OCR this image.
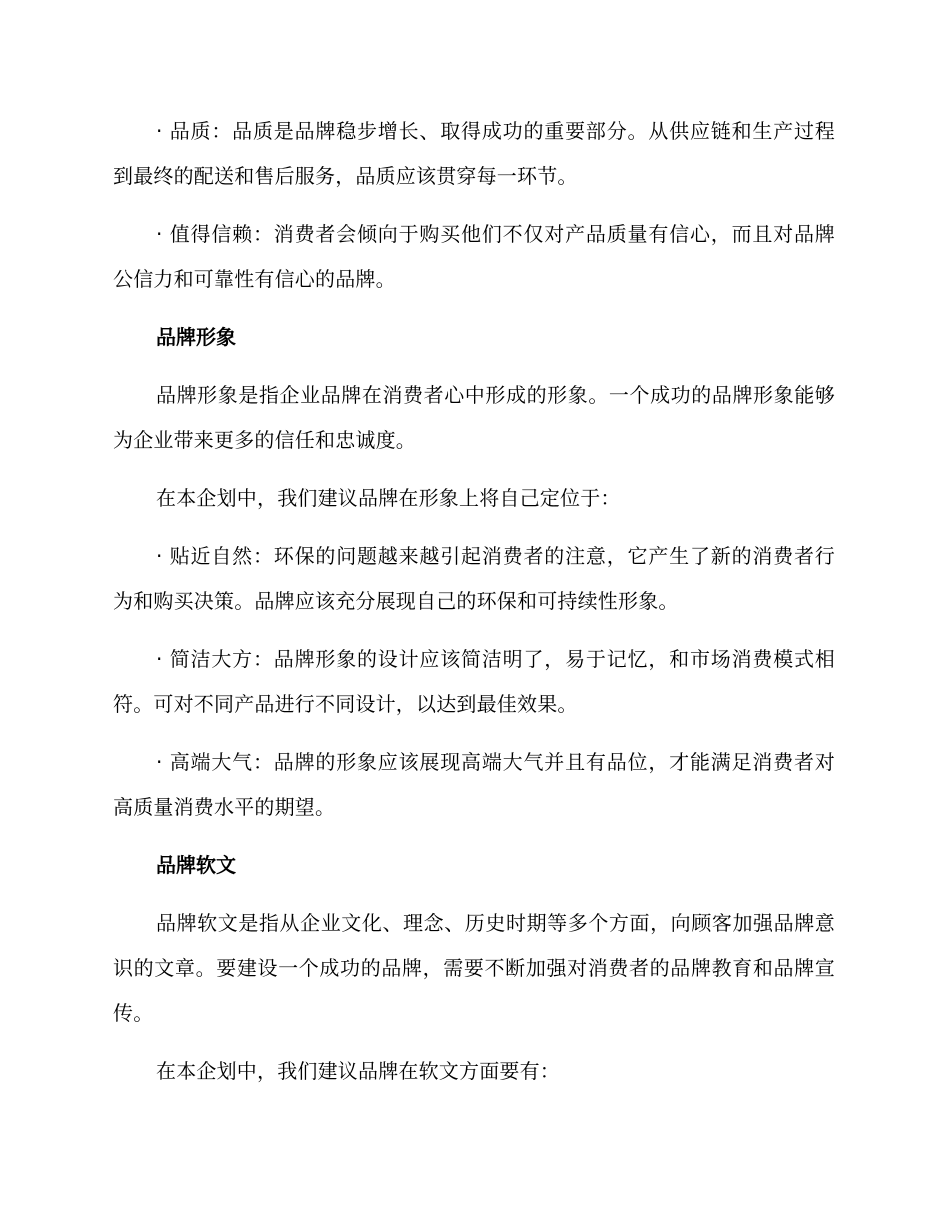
· 品质：品质是品牌稳步增长、取得成功的重要部分。从供应链和生产过程到最终的配送和售后服务，品质应该贯穿每一环节。

· 值得信赖：消费者会倾向于购买他们不仅对产品质量有信心，而且对品牌公信力和可靠性有信心的品牌。

品牌形象

品牌形象是指企业品牌在消费者心中形成的形象。一个成功的品牌形象能够为企业带来更多的信任和忠诚度。

在本企划中，我们建议品牌在形象上将自己定位于：

· 贴近自然：环保的问题越来越引起消费者的注意，它产生了新的消费者行为和购买决策。品牌应该充分展现自己的环保和可持续性形象。

· 简洁大方：品牌形象的设计应该简洁明了，易于记忆，和市场消费模式相符。可对不同产品进行不同设计，以达到最佳效果。

· 高端大气：品牌的形象应该展现高端大气并且有品位，才能满足消费者对高质量消费水平的期望。

品牌软文

品牌软文是指从企业文化、理念、历史时期等多个方面，向顾客加强品牌意识的文章。要建设一个成功的品牌，需要不断加强对消费者的品牌教育和品牌宣传。

在本企划中，我们建议品牌在软文方面要有：
